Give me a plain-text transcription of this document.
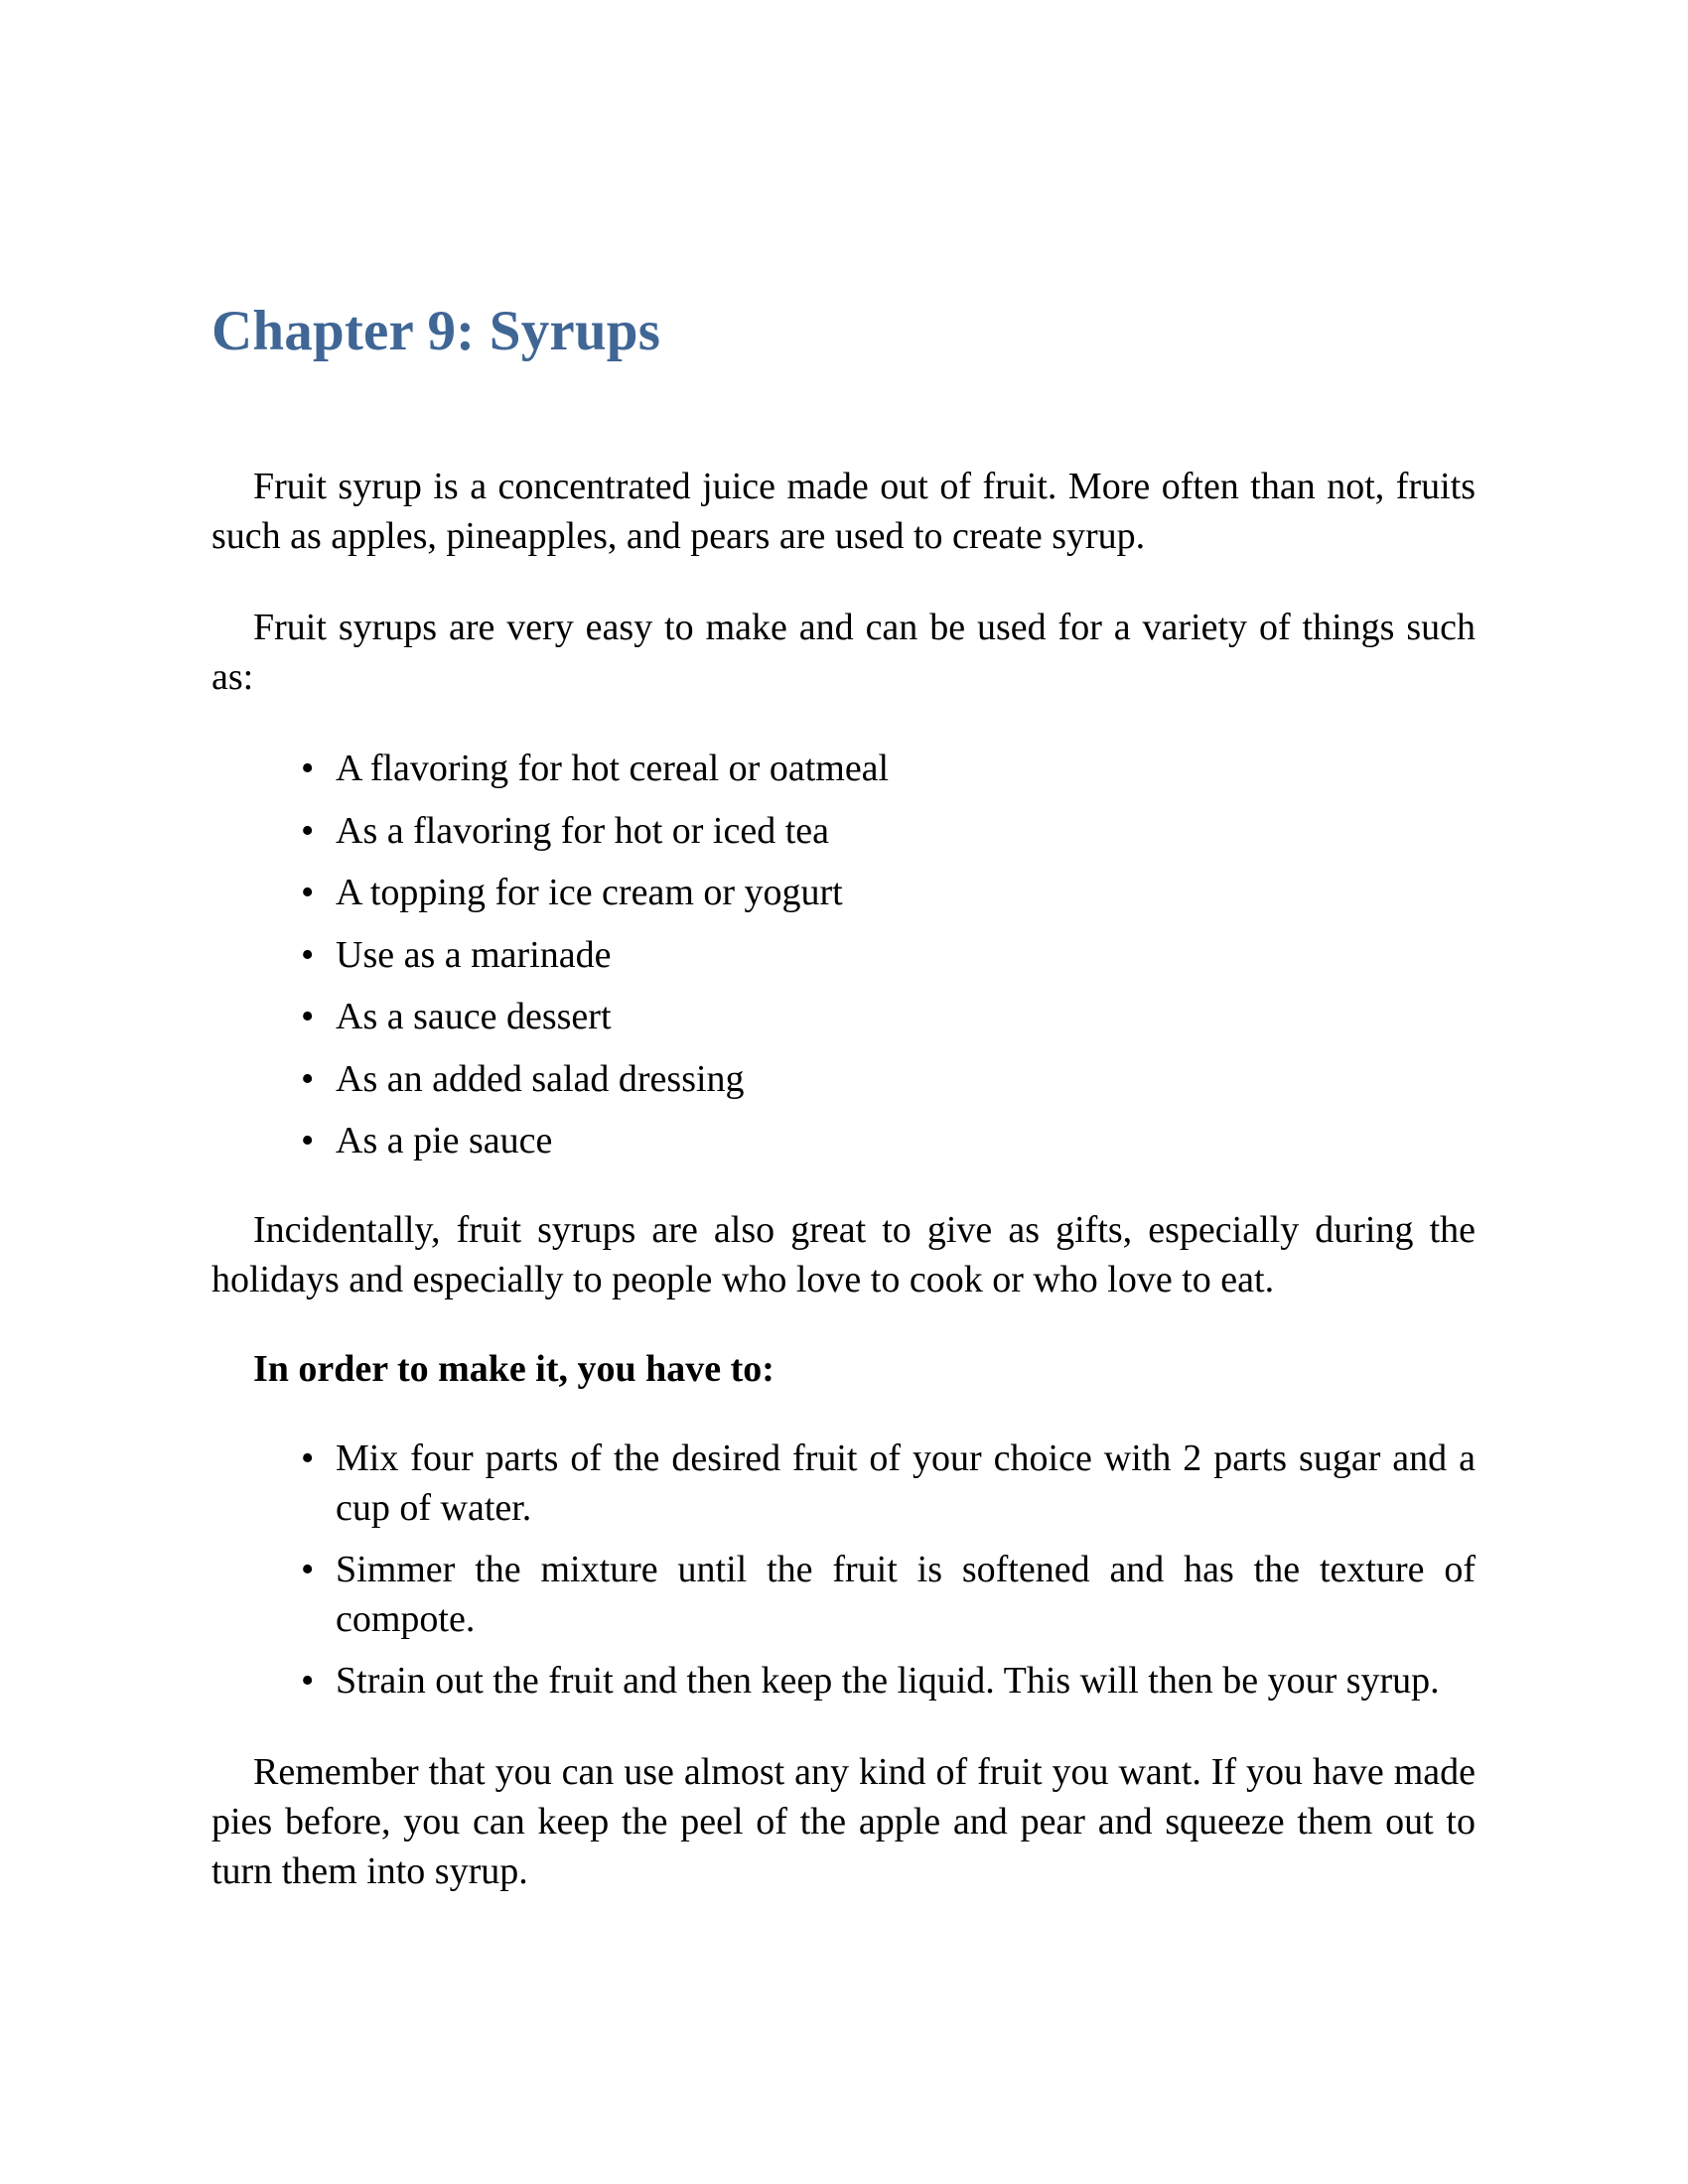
Chapter 9: Syrups

Fruit syrup is a concentrated juice made out of fruit. More often than not, fruits such as apples, pineapples, and pears are used to create syrup.

Fruit syrups are very easy to make and can be used for a variety of things such as:

• A flavoring for hot cereal or oatmeal
• As a flavoring for hot or iced tea
• A topping for ice cream or yogurt
• Use as a marinade
• As a sauce dessert
• As an added salad dressing
• As a pie sauce

Incidentally, fruit syrups are also great to give as gifts, especially during the holidays and especially to people who love to cook or who love to eat.

In order to make it, you have to:

• Mix four parts of the desired fruit of your choice with 2 parts sugar and a cup of water.
• Simmer the mixture until the fruit is softened and has the texture of compote.
• Strain out the fruit and then keep the liquid. This will then be your syrup.

Remember that you can use almost any kind of fruit you want. If you have made pies before, you can keep the peel of the apple and pear and squeeze them out to turn them into syrup.
